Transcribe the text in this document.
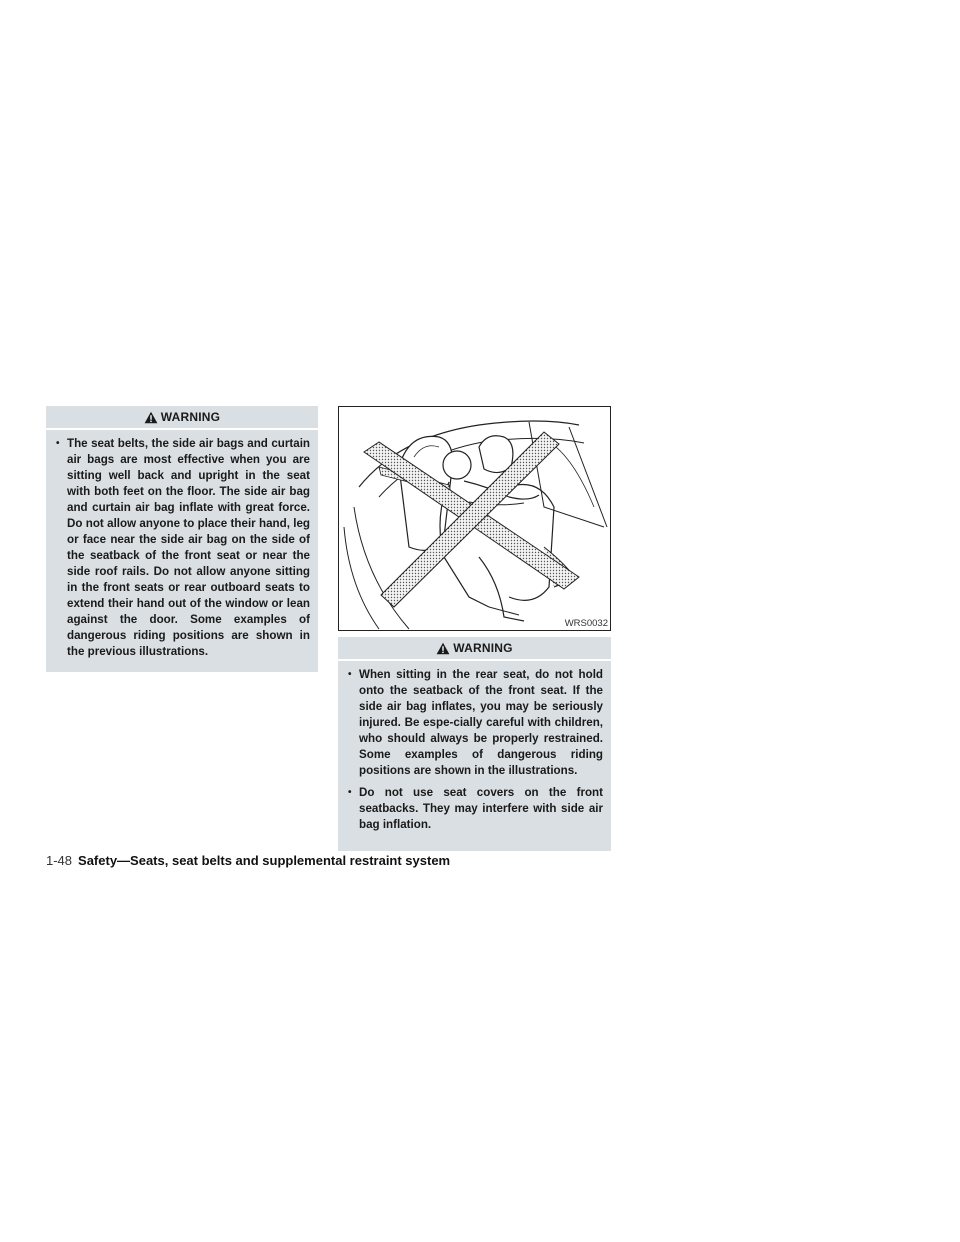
WARNING
• The seat belts, the side air bags and curtain air bags are most effective when you are sitting well back and upright in the seat with both feet on the floor. The side air bag and curtain air bag inflate with great force. Do not allow anyone to place their hand, leg or face near the side air bag on the side of the seatback of the front seat or near the side roof rails. Do not allow anyone sitting in the front seats or rear outboard seats to extend their hand out of the window or lean against the door. Some examples of dangerous riding positions are shown in the previous illustrations.
WRS0032
WARNING
• When sitting in the rear seat, do not hold onto the seatback of the front seat. If the side air bag inflates, you may be seriously injured. Be espe-cially careful with children, who should always be properly restrained. Some examples of dangerous riding positions are shown in the illustrations.
• Do not use seat covers on the front seatbacks. They may interfere with side air bag inflation.
1-48 Safety—Seats, seat belts and supplemental restraint system
